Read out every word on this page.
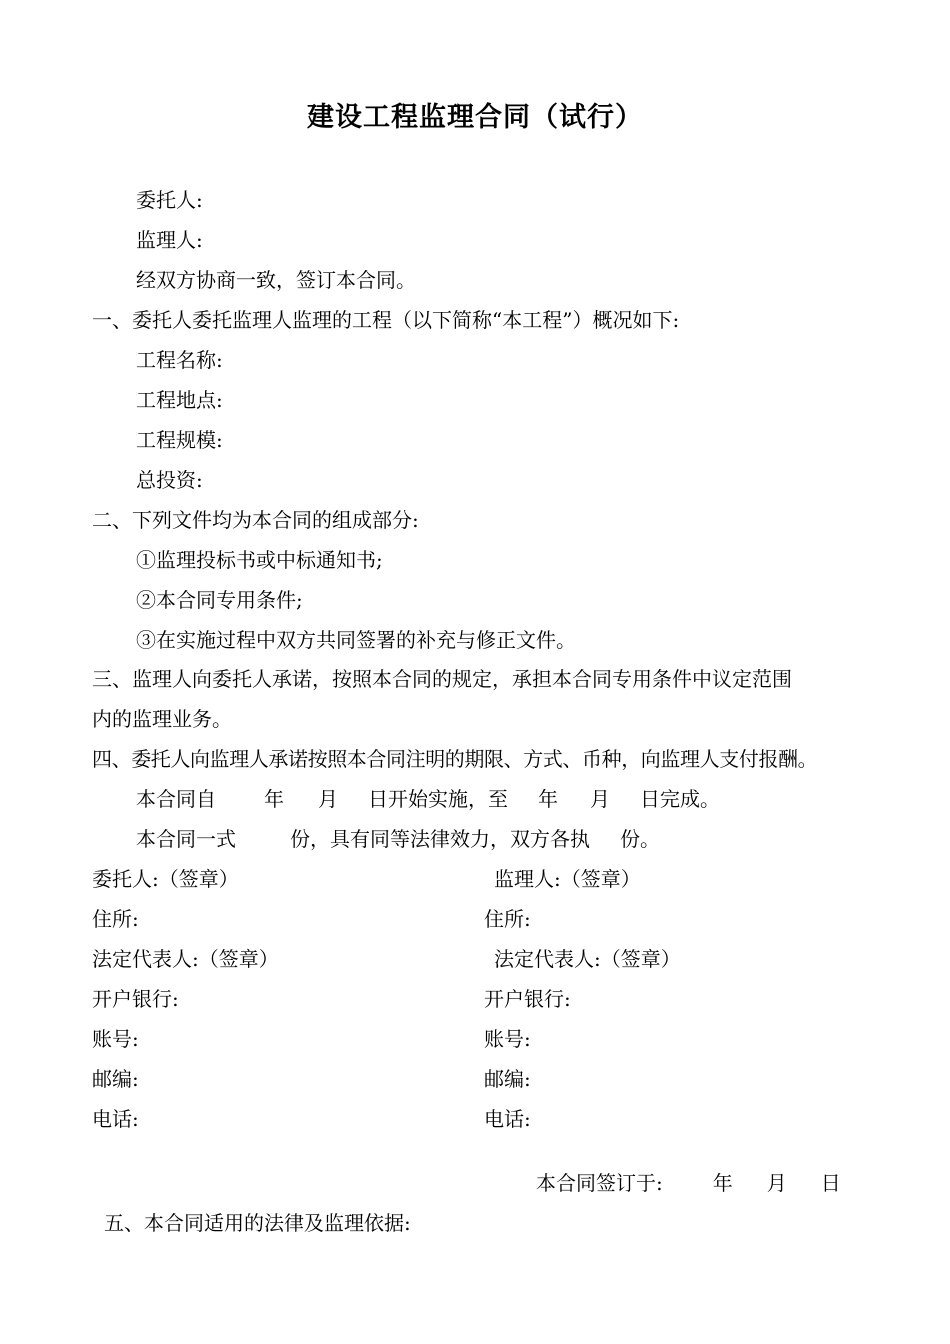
建设工程监理合同（试行）
委托人:
监理人:
经双方协商一致，签订本合同。
一、委托人委托监理人监理的工程（以下简称“本工程”）概况如下:
工程名称:
工程地点:
工程规模:
总投资:
二、下列文件均为本合同的组成部分:
①监理投标书或中标通知书;
②本合同专用条件;
③在实施过程中双方共同签署的补充与修正文件。
三、监理人向委托人承诺，按照本合同的规定，承担本合同专用条件中议定范围
内的监理业务。
四、委托人向监理人承诺按照本合同注明的期限、方式、币种，向监理人支付报酬。
本合同自 年 月 日开始实施，至 年 月 日完成。
本合同一式	份，具有同等法律效力，双方各执 份。
委托人:（签章）	监理人:（签章）
住所:	住所:
法定代表人:（签章）	法定代表人:（签章）
开户银行:	开户银行:
账号:	账号:
邮编:	邮编:
电话:	电话:
本合同签订于:	年 月 日
五、本合同适用的法律及监理依据:
